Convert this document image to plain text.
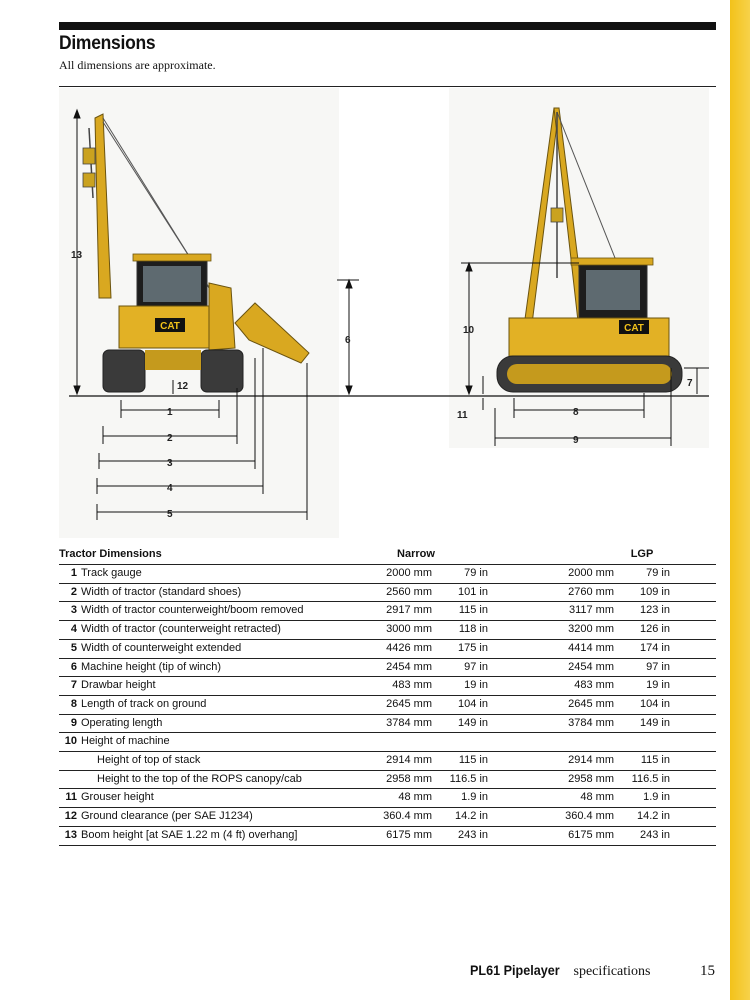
Dimensions
All dimensions are approximate.
CAT	CAT
13
12
6
1
2
3
4
5
10
11
7
8
9
Tractor Dimensions		Narrow			LGP	
1	Track gauge	2000 mm	79 in	2000 mm	79 in	
2	Width of tractor (standard shoes)	2560 mm	101 in	2760 mm	109 in	
3	Width of tractor counterweight/boom removed	2917 mm	115 in	3117 mm	123 in	
4	Width of tractor (counterweight retracted)	3000 mm	118 in	3200 mm	126 in	
5	Width of counterweight extended	4426 mm	175 in	4414 mm	174 in	
6	Machine height (tip of winch)	2454 mm	97 in	2454 mm	97 in	
7	Drawbar height	483 mm	19 in	483 mm	19 in	
8	Length of track on ground	2645 mm	104 in	2645 mm	104 in	
9	Operating length	3784 mm	149 in	3784 mm	149 in	
10	Height of machine					
	Height of top of stack	2914 mm	115 in	2914 mm	115 in	
	Height to the top of the ROPS canopy/cab	2958 mm	116.5 in	2958 mm	116.5 in	
11	Grouser height	48 mm	1.9 in	48 mm	1.9 in	
12	Ground clearance (per SAE J1234)	360.4 mm	14.2 in	360.4 mm	14.2 in	
13	Boom height [at SAE 1.22 m (4 ft) overhang]	6175 mm	243 in	6175 mm	243 in	
PL61 Pipelayer specifications	15
